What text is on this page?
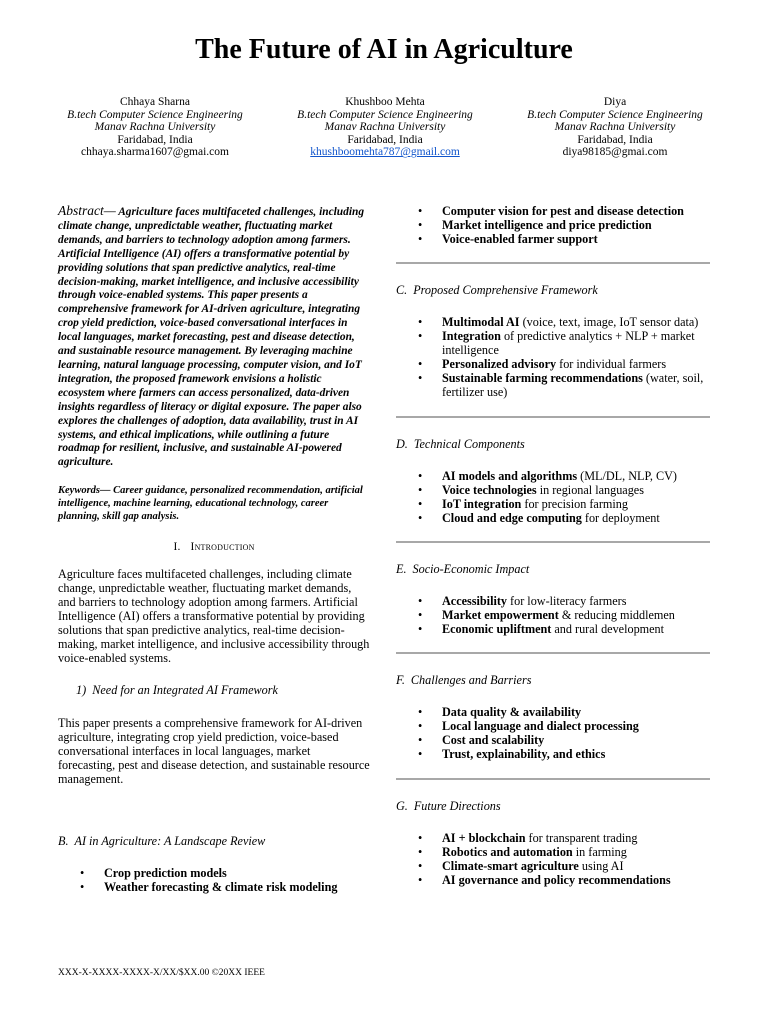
The Future of AI in Agriculture
Chhaya Sharna
B.tech Computer Science Engineering
Manav Rachna University
Faridabad, India
chhaya.sharma1607@gmai.com
Khushboo Mehta
B.tech Computer Science Engineering
Manav Rachna University
Faridabad, India
khushboomehta787@gmail.com
Diya
B.tech Computer Science Engineering
Manav Rachna University
Faridabad, India
diya98185@gmai.com
Abstract— Agriculture faces multifaceted challenges, including climate change, unpredictable weather, fluctuating market demands, and barriers to technology adoption among farmers. Artificial Intelligence (AI) offers a transformative potential by providing solutions that span predictive analytics, real-time decision-making, market intelligence, and inclusive accessibility through voice-enabled systems. This paper presents a comprehensive framework for AI-driven agriculture, integrating crop yield prediction, voice-based conversational interfaces in local languages, market forecasting, pest and disease detection, and sustainable resource management. By leveraging machine learning, natural language processing, computer vision, and IoT integration, the proposed framework envisions a holistic ecosystem where farmers can access personalized, data-driven insights regardless of literacy or digital exposure. The paper also explores the challenges of adoption, data availability, trust in AI systems, and ethical implications, while outlining a future roadmap for resilient, inclusive, and sustainable AI-powered agriculture.
Keywords— Career guidance, personalized recommendation, artificial intelligence, machine learning, educational technology, career planning, skill gap analysis.
I. Introduction
Agriculture faces multifaceted challenges, including climate change, unpredictable weather, fluctuating market demands, and barriers to technology adoption among farmers. Artificial Intelligence (AI) offers a transformative potential by providing solutions that span predictive analytics, real-time decision-making, market intelligence, and inclusive accessibility through voice-enabled systems.
1) Need for an Integrated AI Framework
This paper presents a comprehensive framework for AI-driven agriculture, integrating crop yield prediction, voice-based conversational interfaces in local languages, market forecasting, pest and disease detection, and sustainable resource management.
B. AI in Agriculture: A Landscape Review
• Crop prediction models
• Weather forecasting & climate risk modeling
• Computer vision for pest and disease detection
• Market intelligence and price prediction
• Voice-enabled farmer support
C. Proposed Comprehensive Framework
• Multimodal AI (voice, text, image, IoT sensor data)
• Integration of predictive analytics + NLP + market intelligence
• Personalized advisory for individual farmers
• Sustainable farming recommendations (water, soil, fertilizer use)
D. Technical Components
• AI models and algorithms (ML/DL, NLP, CV)
• Voice technologies in regional languages
• IoT integration for precision farming
• Cloud and edge computing for deployment
E. Socio-Economic Impact
• Accessibility for low-literacy farmers
• Market empowerment & reducing middlemen
• Economic upliftment and rural development
F. Challenges and Barriers
• Data quality & availability
• Local language and dialect processing
• Cost and scalability
• Trust, explainability, and ethics
G. Future Directions
• AI + blockchain for transparent trading
• Robotics and automation in farming
• Climate-smart agriculture using AI
• AI governance and policy recommendations
XXX-X-XXXX-XXXX-X/XX/$XX.00 ©20XX IEEE
